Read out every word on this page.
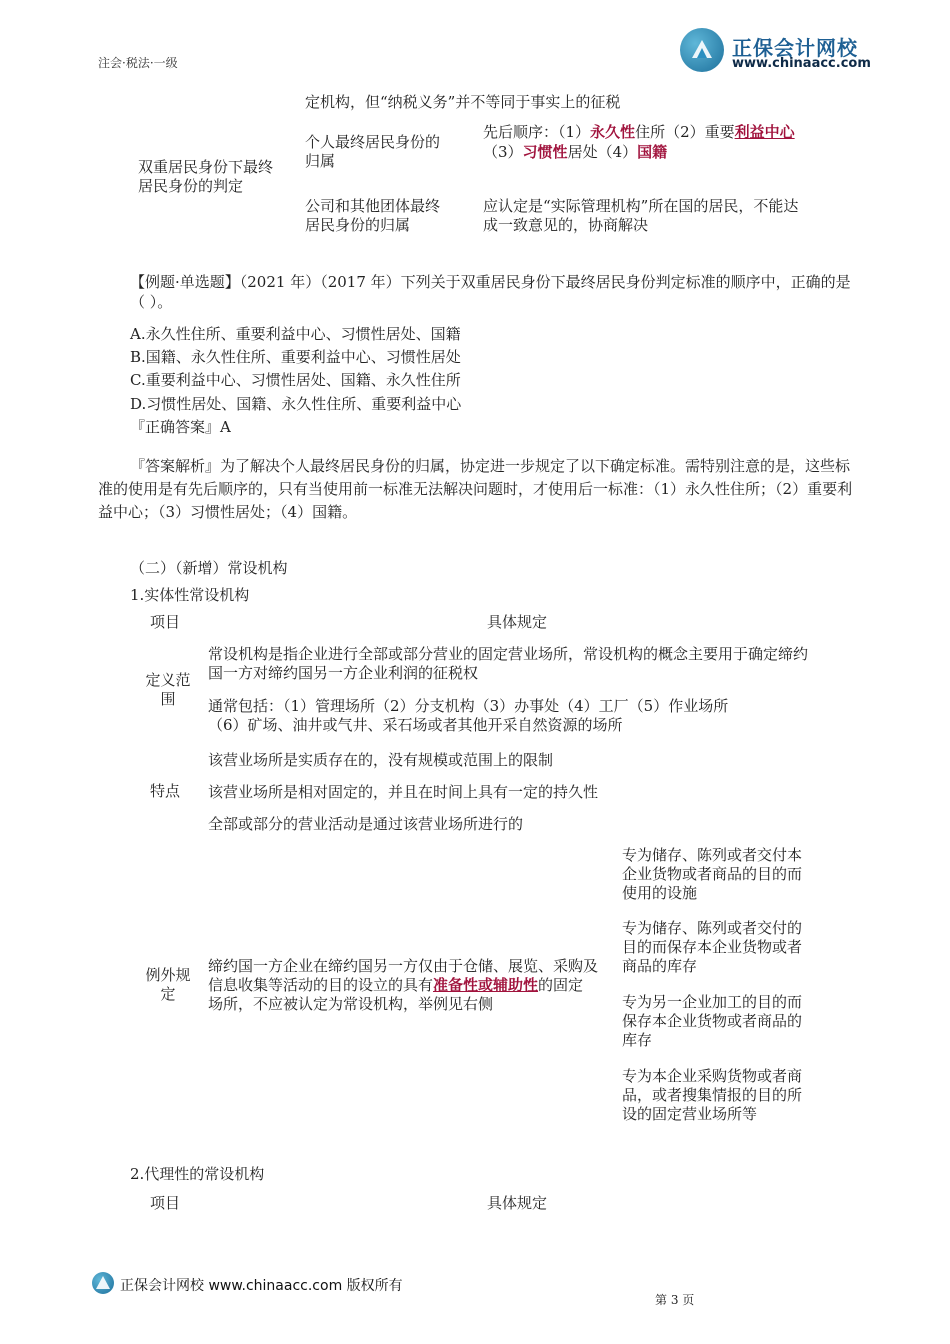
注会·税法·一级
正保会计网校
www.chinaacc.com
定机构，但“纳税义务”并不等同于事实上的征税
双重居民身份下最终居民身份的判定
个人最终居民身份的归属
先后顺序：（1）永久性住所（2）重要利益中心
（3）习惯性居处（4）国籍
公司和其他团体最终居民身份的归属
应认定是“实际管理机构”所在国的居民，不能达成一致意见的，协商解决
【例题·单选题】（2021 年）（2017 年）下列关于双重居民身份下最终居民身份判定标准的顺序中，正确的是（ ）。
A.永久性住所、重要利益中心、习惯性居处、国籍
B.国籍、永久性住所、重要利益中心、习惯性居处
C.重要利益中心、习惯性居处、国籍、永久性住所
D.习惯性居处、国籍、永久性住所、重要利益中心
『正确答案』A
『答案解析』为了解决个人最终居民身份的归属，协定进一步规定了以下确定标准。需特别注意的是，这些标准的使用是有先后顺序的，只有当使用前一标准无法解决问题时，才使用后一标准：（1）永久性住所；（2）重要利益中心；（3）习惯性居处；（4）国籍。
（二）（新增）常设机构
1.实体性常设机构
项目	具体规定
定义范围
常设机构是指企业进行全部或部分营业的固定营业场所，常设机构的概念主要用于确定缔约国一方对缔约国另一方企业利润的征税权
通常包括：（1）管理场所（2）分支机构（3）办事处（4）工厂（5）作业场所
（6）矿场、油井或气井、采石场或者其他开采自然资源的场所
特点
该营业场所是实质存在的，没有规模或范围上的限制
该营业场所是相对固定的，并且在时间上具有一定的持久性
全部或部分的营业活动是通过该营业场所进行的
例外规定
缔约国一方企业在缔约国另一方仅由于仓储、展览、采购及信息收集等活动的目的设立的具有准备性或辅助性的固定场所，不应被认定为常设机构，举例见右侧
专为储存、陈列或者交付本企业货物或者商品的目的而使用的设施
专为储存、陈列或者交付的目的而保存本企业货物或者商品的库存
专为另一企业加工的目的而保存本企业货物或者商品的库存
专为本企业采购货物或者商品，或者搜集情报的目的所设的固定营业场所等
2.代理性的常设机构
项目	具体规定
正保会计网校 www.chinaacc.com 版权所有
第 3 页
